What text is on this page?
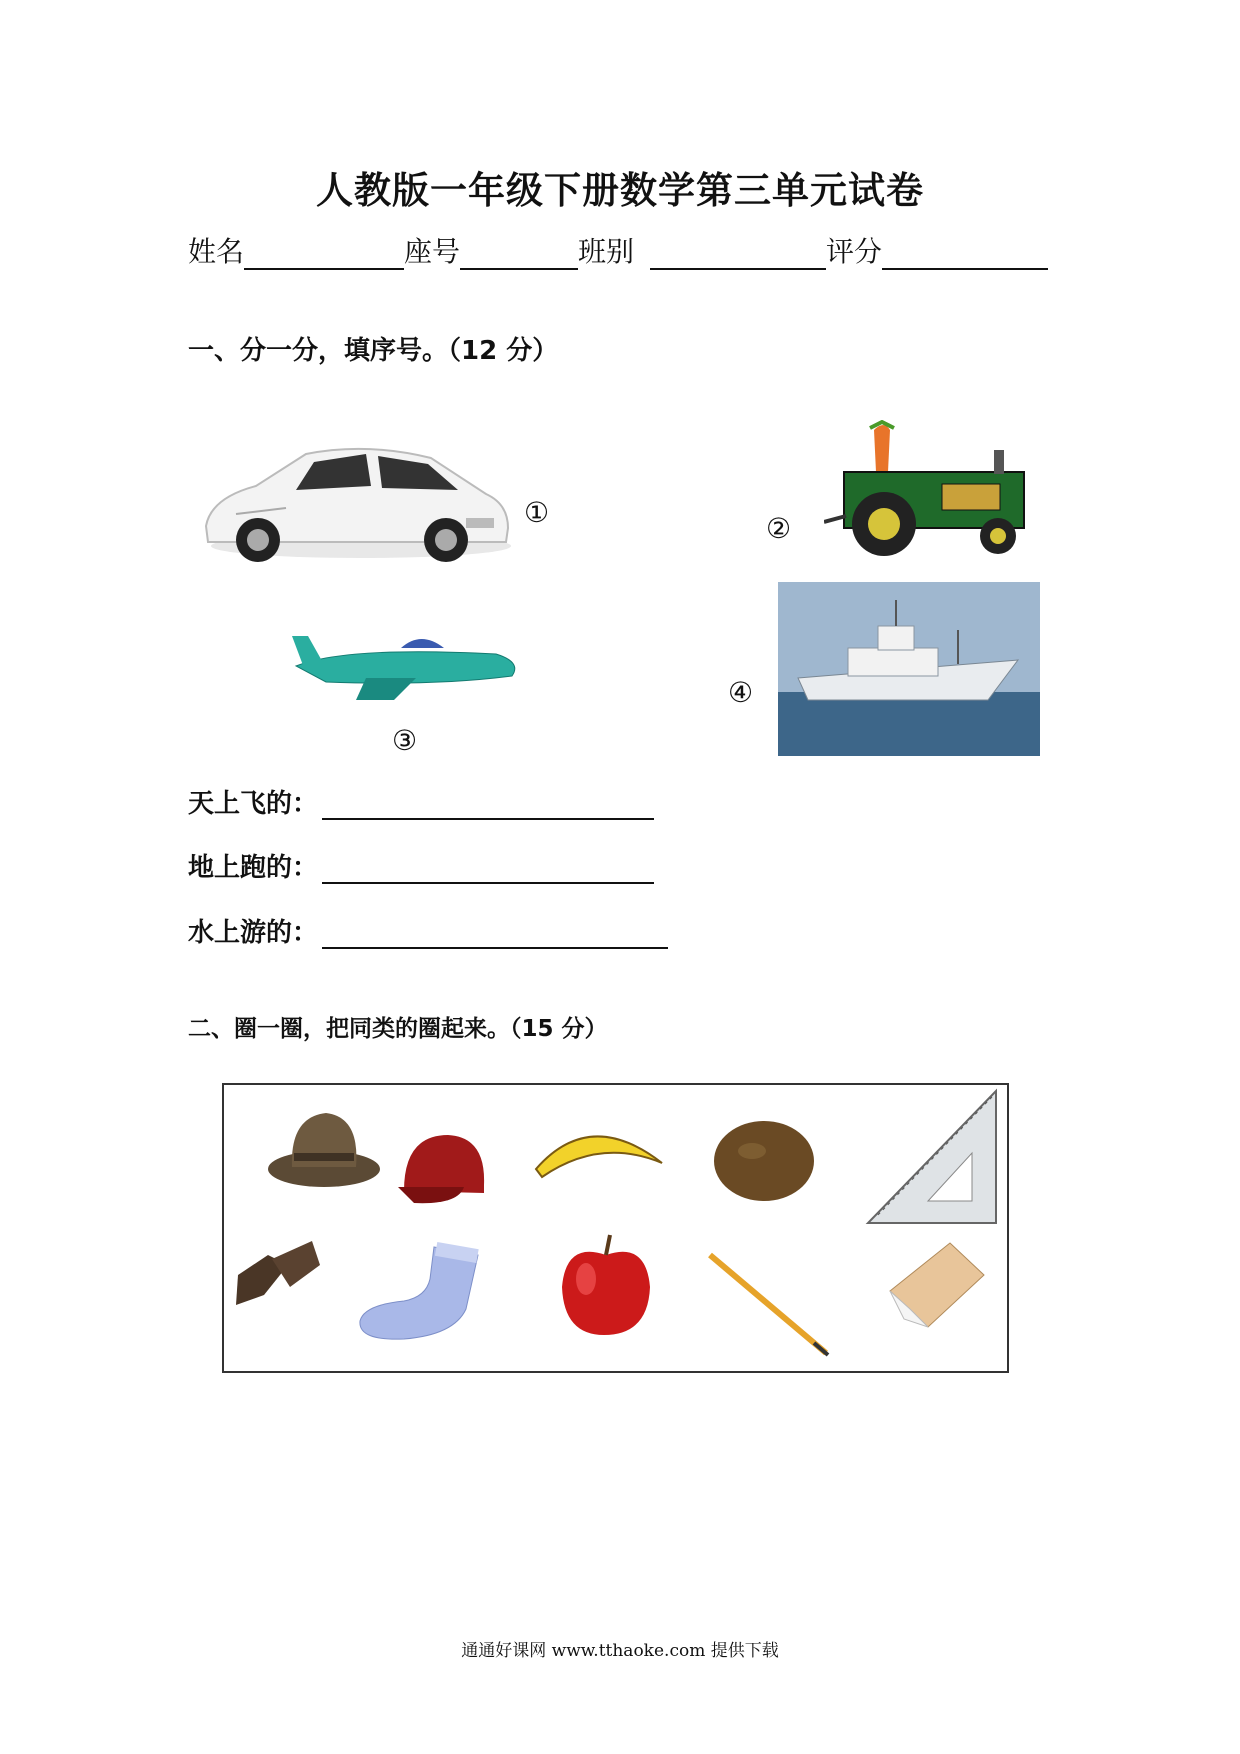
人教版一年级下册数学第三单元试卷
姓名	座号	班别	评分
一、分一分，填序号。（12 分）
①	②
③
④
天上飞的：
地上跑的：
水上游的：
二、圈一圈，把同类的圈起来。（15 分）
通通好课网 www.tthaoke.com 提供下载
